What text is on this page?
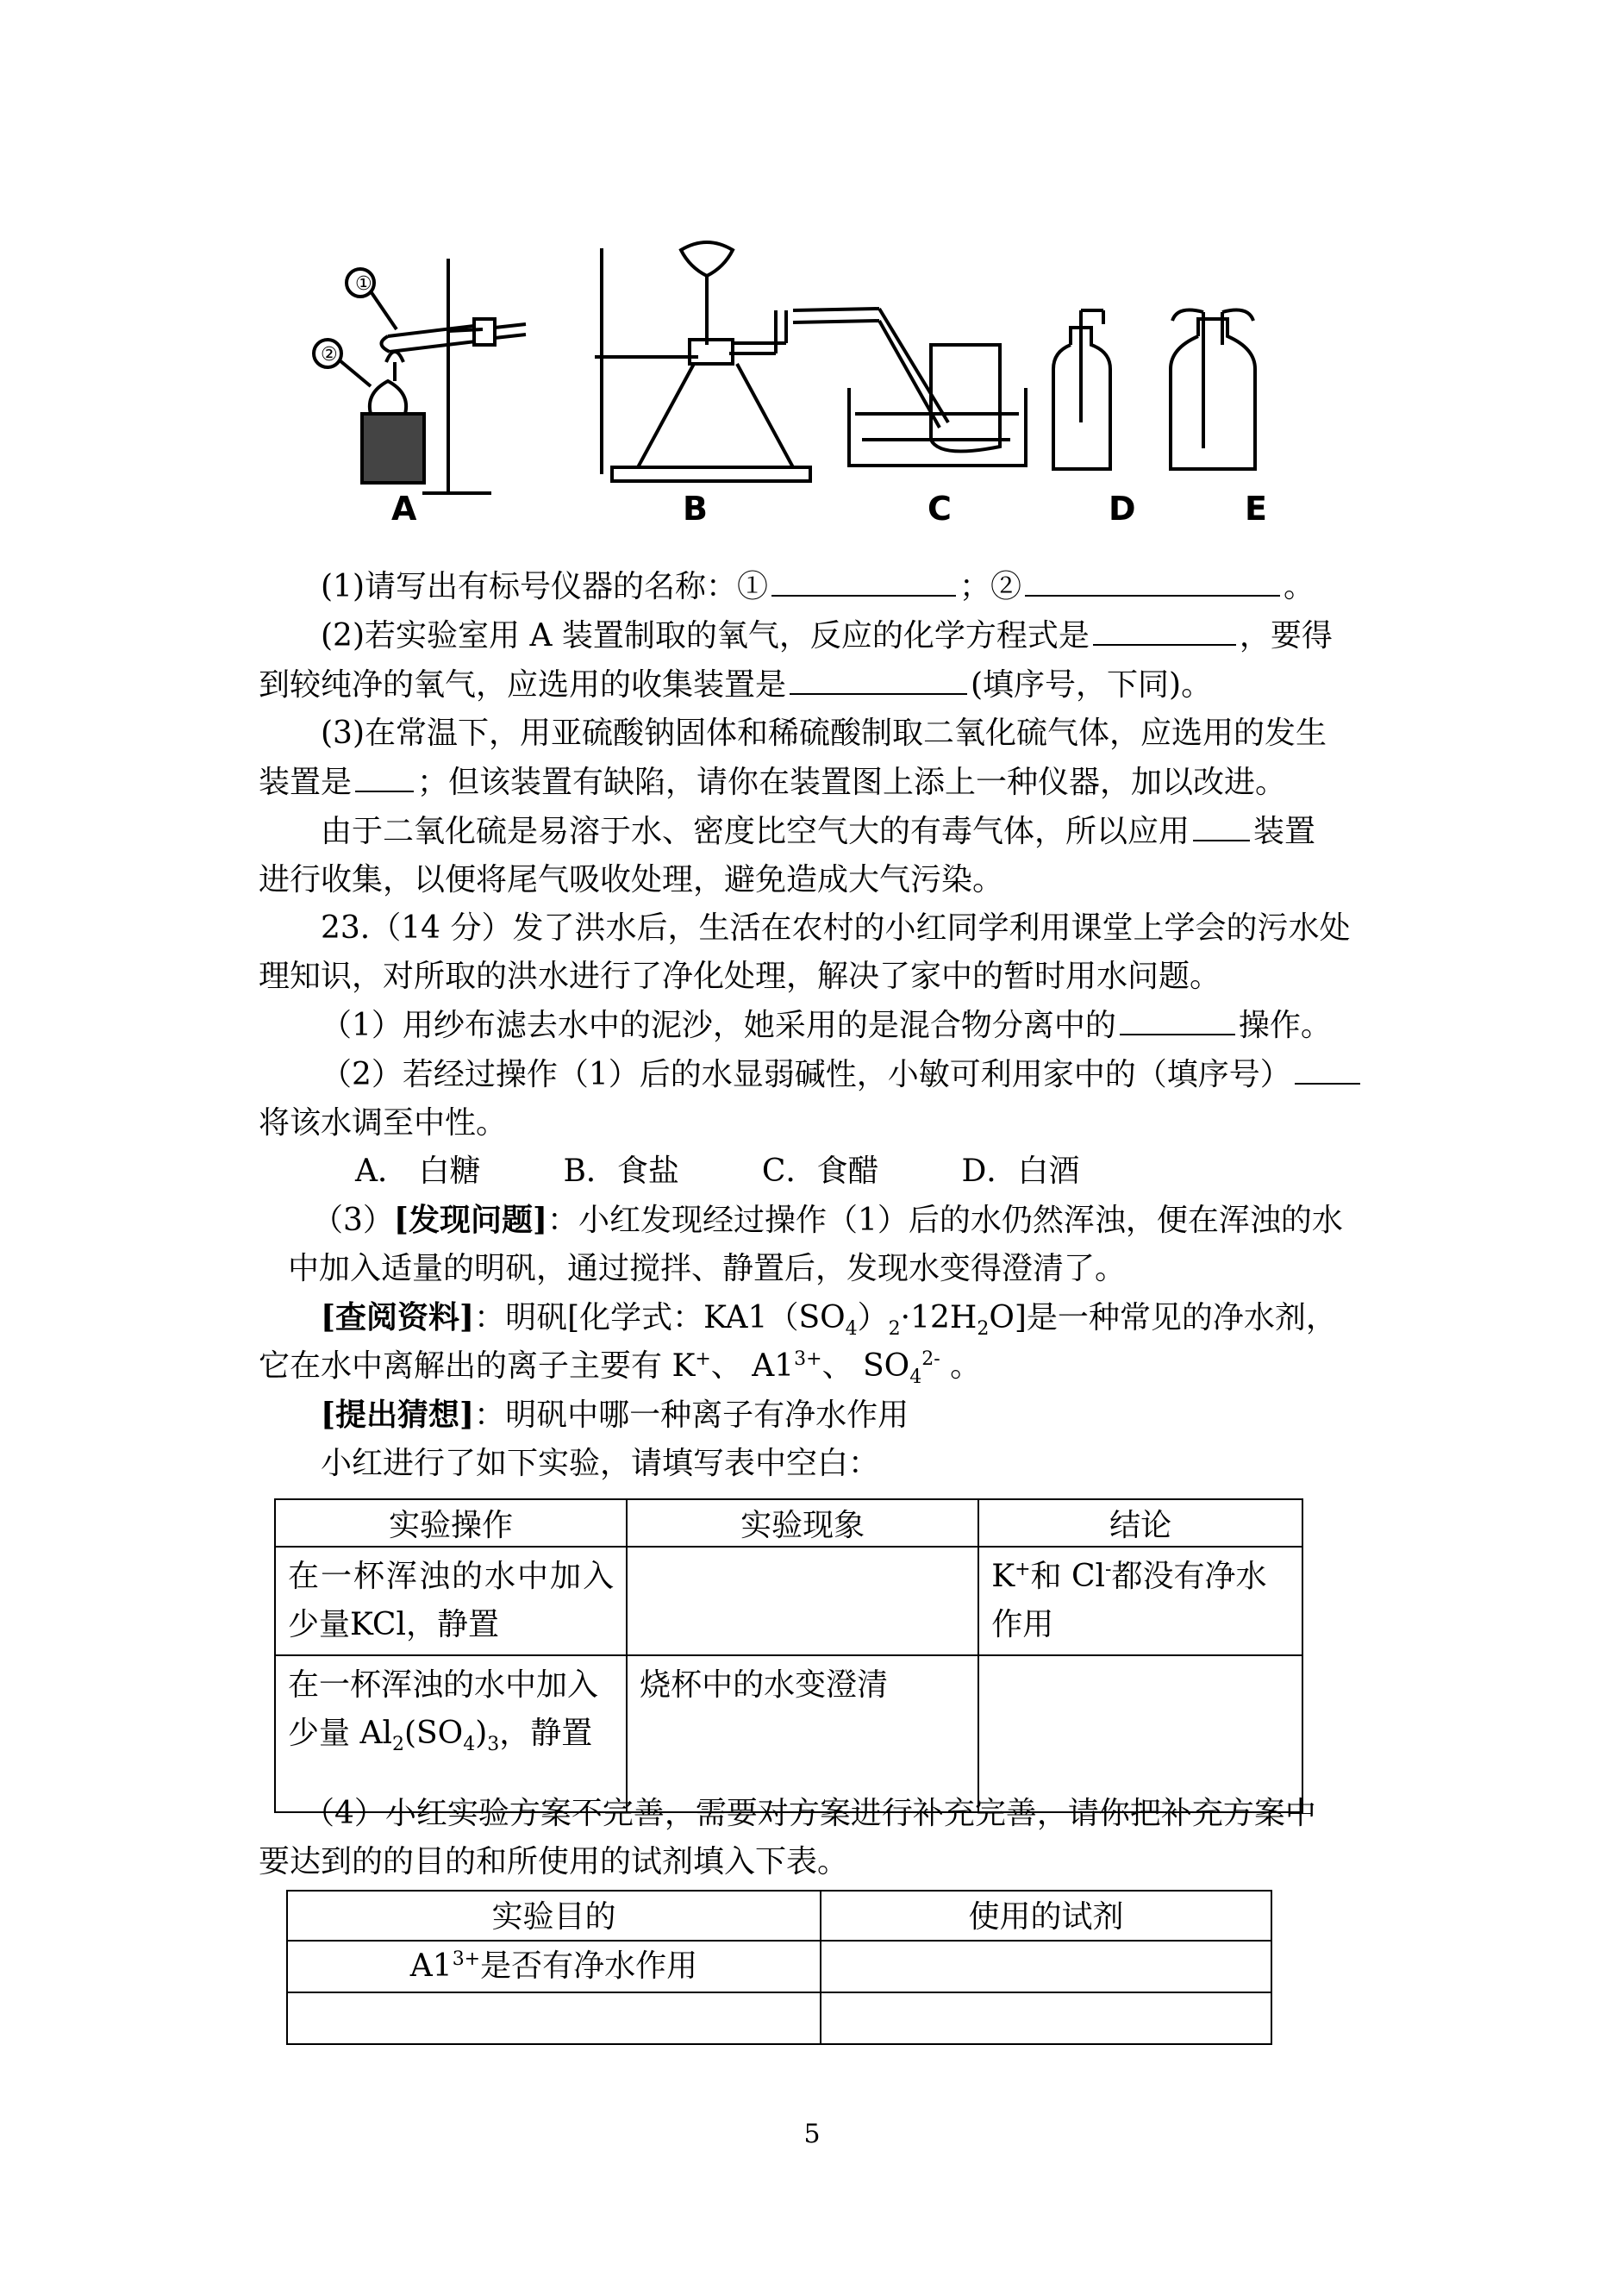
①
②
A	B	C	D	E

(1)请写出有标号仪器的名称：①	；②	。

(2)若实验室用 A 装置制取的氧气，反应的化学方程式是	，要得

到较纯净的氧气，应选用的收集装置是	(填序号，下同)。

(3)在常温下，用亚硫酸钠固体和稀硫酸制取二氧化硫气体，应选用的发生

装置是 ；但该装置有缺陷，请你在装置图上添上一种仪器，加以改进。

由于二氧化硫是易溶于水、密度比空气大的有毒气体，所以应用 装置

进行收集，以便将尾气吸收处理，避免造成大气污染。

23.（14 分）发了洪水后，生活在农村的小红同学利用课堂上学会的污水处

理知识，对所取的洪水进行了净化处理，解决了家中的暂时用水问题。

（1）用纱布滤去水中的泥沙，她采用的是混合物分离中的	操作。

（2）若经过操作（1）后的水显弱碱性，小敏可利用家中的（填序号）

将该水调至中性。

A． 白糖	B．食盐	C．食醋	D．白酒

（3）[发现问题]：小红发现经过操作（1）后的水仍然浑浊，便在浑浊的水

中加入适量的明矾，通过搅拌、静置后，发现水变得澄清了。

[查阅资料]：明矾[化学式：$KA1(SO_4)_2\cdot 12H_2O$]是一种常见的净水剂，

它在水中离解出的离子主要有 K+、 $A1^{3+}$、 $SO_4^{2-}$ 。

[提出猜想]：明矾中哪一种离子有净水作用

小红进行了如下实验，请填写表中空白：

实验操作	实验现象	结论
在一杯浑浊的水中加入少量KCl，静置		K+和 Cl-都没有净水作用
在一杯浑浊的水中加入少量 $Al_2(SO_4)_3$，静置	烧杯中的水变澄清	

（4）小红实验方案不完善，需要对方案进行补充完善，请你把补充方案中

要达到的的目的和所使用的试剂填入下表。

实验目的	使用的试剂
$A1^{3+}$是否有净水作用	

5
